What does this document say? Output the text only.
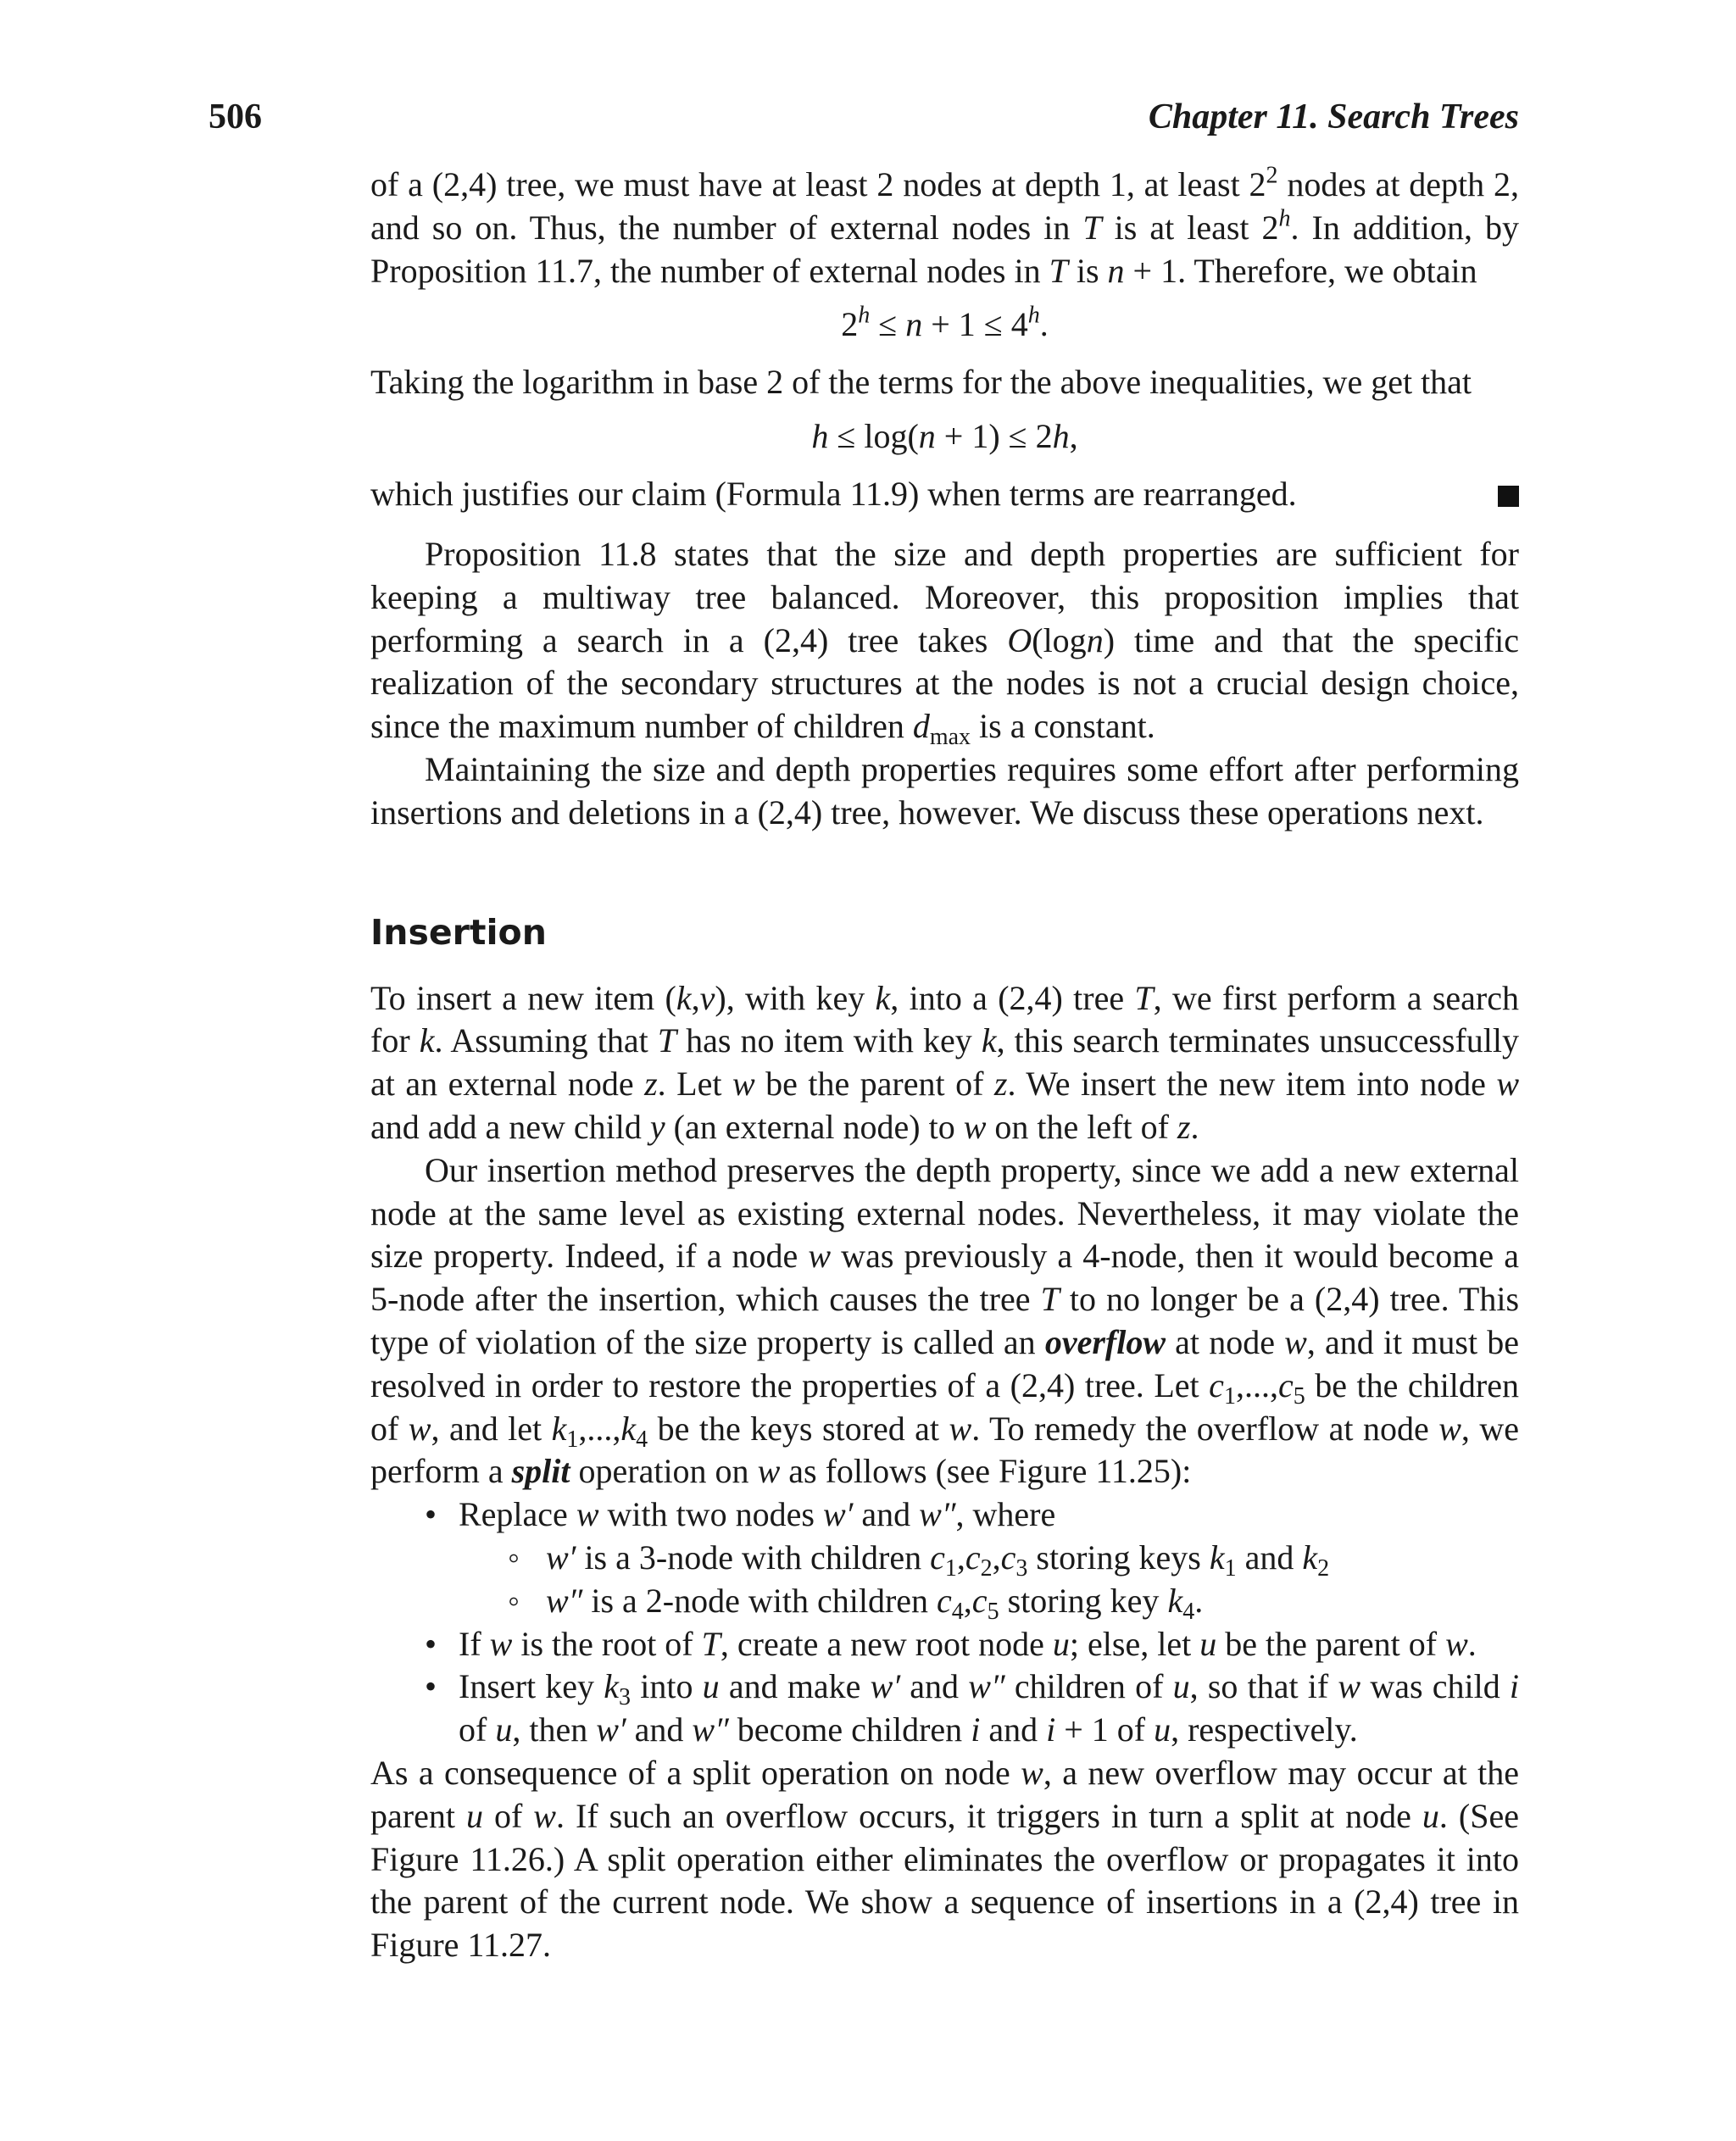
506	Chapter 11. Search Trees

of a (2,4) tree, we must have at least 2 nodes at depth 1, at least $2^2$ nodes at depth 2, and so on. Thus, the number of external nodes in T is at least 2$^h$. In addition, by Proposition 11.7, the number of external nodes in T is n + 1. Therefore, we obtain

$2^h \le n + 1 \le 4^h$.

Taking the logarithm in base 2 of the terms for the above inequalities, we get that

h ≤ log(n + 1) ≤ 2h,

which justifies our claim (Formula 11.9) when terms are rearranged.

Proposition 11.8 states that the size and depth properties are sufficient for keeping a multiway tree balanced. Moreover, this proposition implies that performing a search in a (2,4) tree takes O(logn) time and that the specific realization of the secondary structures at the nodes is not a crucial design choice, since the maximum number of children $d_{max}$ is a constant.

Maintaining the size and depth properties requires some effort after performing insertions and deletions in a (2,4) tree, however. We discuss these operations next.

Insertion

To insert a new item (k,v), with key k, into a (2,4) tree T, we first perform a search for k. Assuming that T has no item with key k, this search terminates unsuccessfully at an external node z. Let w be the parent of z. We insert the new item into node w and add a new child y (an external node) to w on the left of z.

Our insertion method preserves the depth property, since we add a new external node at the same level as existing external nodes. Nevertheless, it may violate the size property. Indeed, if a node w was previously a 4-node, then it would become a 5-node after the insertion, which causes the tree T to no longer be a (2,4) tree. This type of violation of the size property is called an overflow at node w, and it must be resolved in order to restore the properties of a (2,4) tree. Let $c_1,...,c_5$ be the children of w, and let $k_1,...,k_4$ be the keys stored at w. To remedy the overflow at node w, we perform a split operation on w as follows (see Figure 11.25):

• Replace w with two nodes w′ and w″, where
◦ w′ is a 3-node with children $c_1,c_2,c_3$ storing keys $k_1$ and $k_2$
◦ w″ is a 2-node with children $c_4,c_5$ storing key $k_4$.
• If w is the root of T, create a new root node u; else, let u be the parent of w.
• Insert key $k_3$ into u and make w′ and w″ children of u, so that if w was child i of u, then w′ and w″ become children i and i + 1 of u, respectively.

As a consequence of a split operation on node w, a new overflow may occur at the parent u of w. If such an overflow occurs, it triggers in turn a split at node u. (See Figure 11.26.) A split operation either eliminates the overflow or propagates it into the parent of the current node. We show a sequence of insertions in a (2,4) tree in Figure 11.27.
